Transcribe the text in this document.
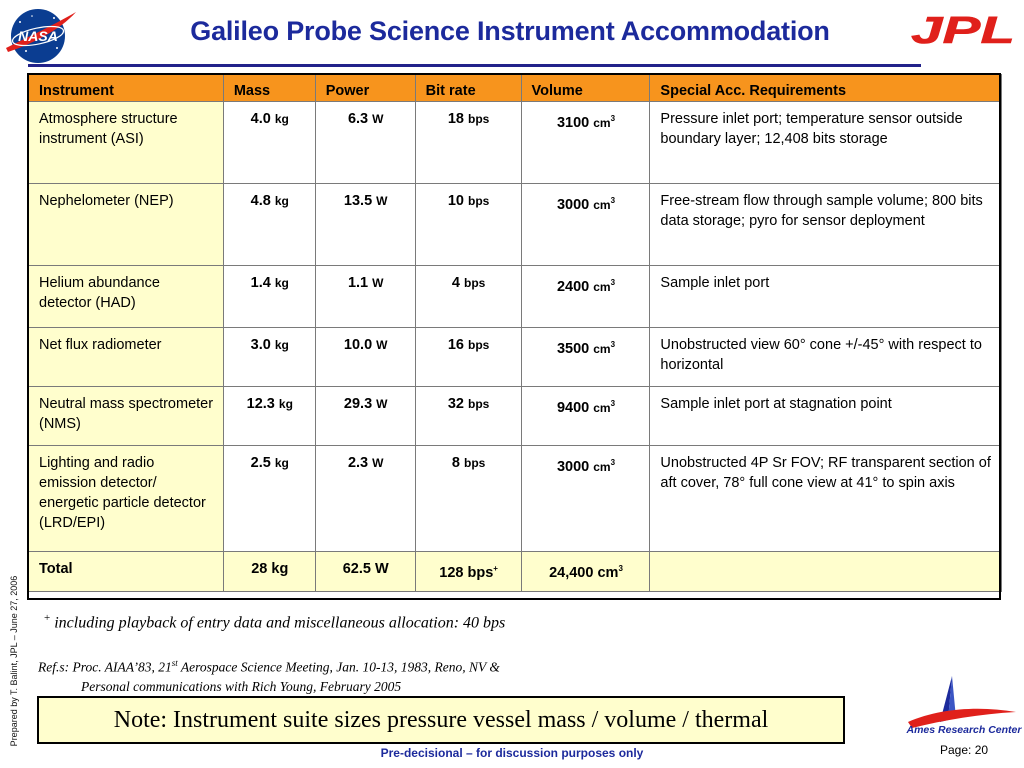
NASA	JPL
Galileo Probe Science Instrument Accommodation
Prepared by T. Balint, JPL – June 27, 2006
Instrument	Mass	Power	Bit rate	Volume	Special Acc. Requirements
Atmosphere structure instrument (ASI)	4.0 kg	6.3 W	18 bps	3100 $cm^3$	Pressure inlet port; temperature sensor outside boundary layer; 12,408 bits storage
Nephelometer (NEP)	4.8 kg	13.5 W	10 bps	3000 $cm^3$	Free-stream flow through sample volume; 800 bits data storage; pyro for sensor deployment
Helium abundance detector (HAD)	1.4 kg	1.1 W	4 bps	2400 $cm^3$	Sample inlet port
Net flux radiometer	3.0 kg	10.0 W	16 bps	3500 $cm^3$	Unobstructed view 60° cone +/-45° with respect to horizontal
Neutral mass spectrometer (NMS)	12.3 kg	29.3 W	32 bps	9400 $cm^3$	Sample inlet port at stagnation point
Lighting and radio emission detector/ energetic particle detector (LRD/EPI)	2.5 kg	2.3 W	8 bps	3000 $cm^3$	Unobstructed 4P Sr FOV; RF transparent section of aft cover, 78° full cone view at 41° to spin axis
Total	28 kg	62.5 W	128 bps+	24,400 $cm^3$	
+ including playback of entry data and miscellaneous allocation: 40 bps
Ref.s: Proc. AIAA’83, 21st Aerospace Science Meeting, Jan. 10-13, 1983, Reno, NV &
Personal communications with Rich Young, February 2005
Note: Instrument suite sizes pressure vessel mass / volume / thermal
Pre-decisional – for discussion purposes only
Ames Research Center
Page: 20
